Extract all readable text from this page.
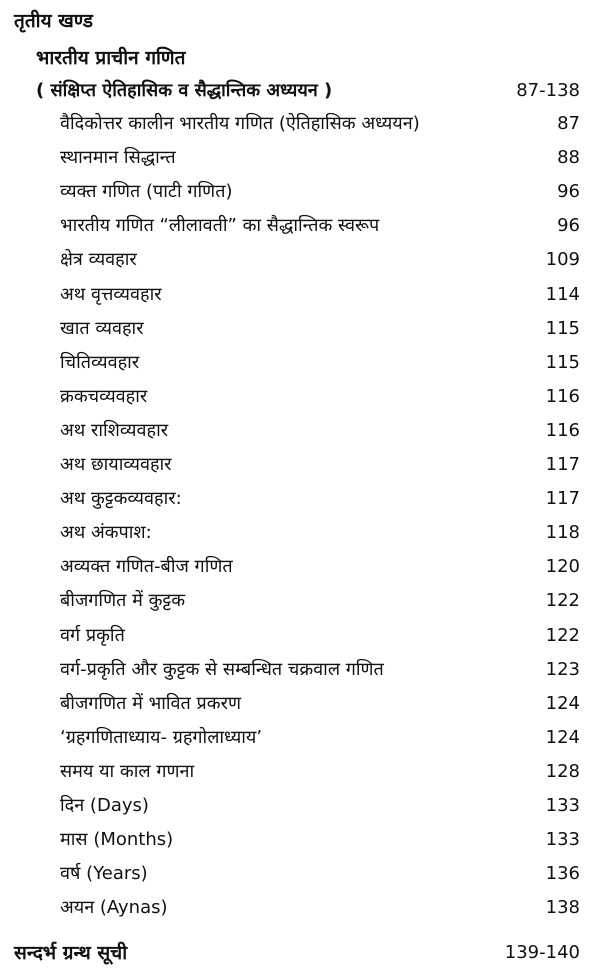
तृतीय खण्ड
भारतीय प्राचीन गणित
( संक्षिप्त ऐतिहासिक व सैद्धान्तिक अध्ययन )	87-138
वैदिकोत्तर कालीन भारतीय गणित (ऐतिहासिक अध्ययन)	87
स्थानमान सिद्धान्त	88
व्यक्त गणित (पाटी गणित)	96
भारतीय गणित “लीलावती” का सैद्धान्तिक स्वरूप	96
क्षेत्र व्यवहार	109
अथ वृत्तव्यवहार	114
खात व्यवहार	115
चितिव्यवहार	115
क्रकचव्यवहार	116
अथ राशिव्यवहार	116
अथ छायाव्यवहार	117
अथ कुट्टकव्यवहार:	117
अथ अंकपाश:	118
अव्यक्त गणित-बीज गणित	120
बीजगणित में कुट्टक	122
वर्ग प्रकृति	122
वर्ग-प्रकृति और कुट्टक से सम्बन्धित चक्रवाल गणित	123
बीजगणित में भावित प्रकरण	124
‘ग्रहगणिताध्याय- ग्रहगोलाध्याय’	124
समय या काल गणना	128
दिन (Days)	133
मास (Months)	133
वर्ष (Years)	136
अयन (Aynas)	138
सन्दर्भ ग्रन्थ सूची	139-140
